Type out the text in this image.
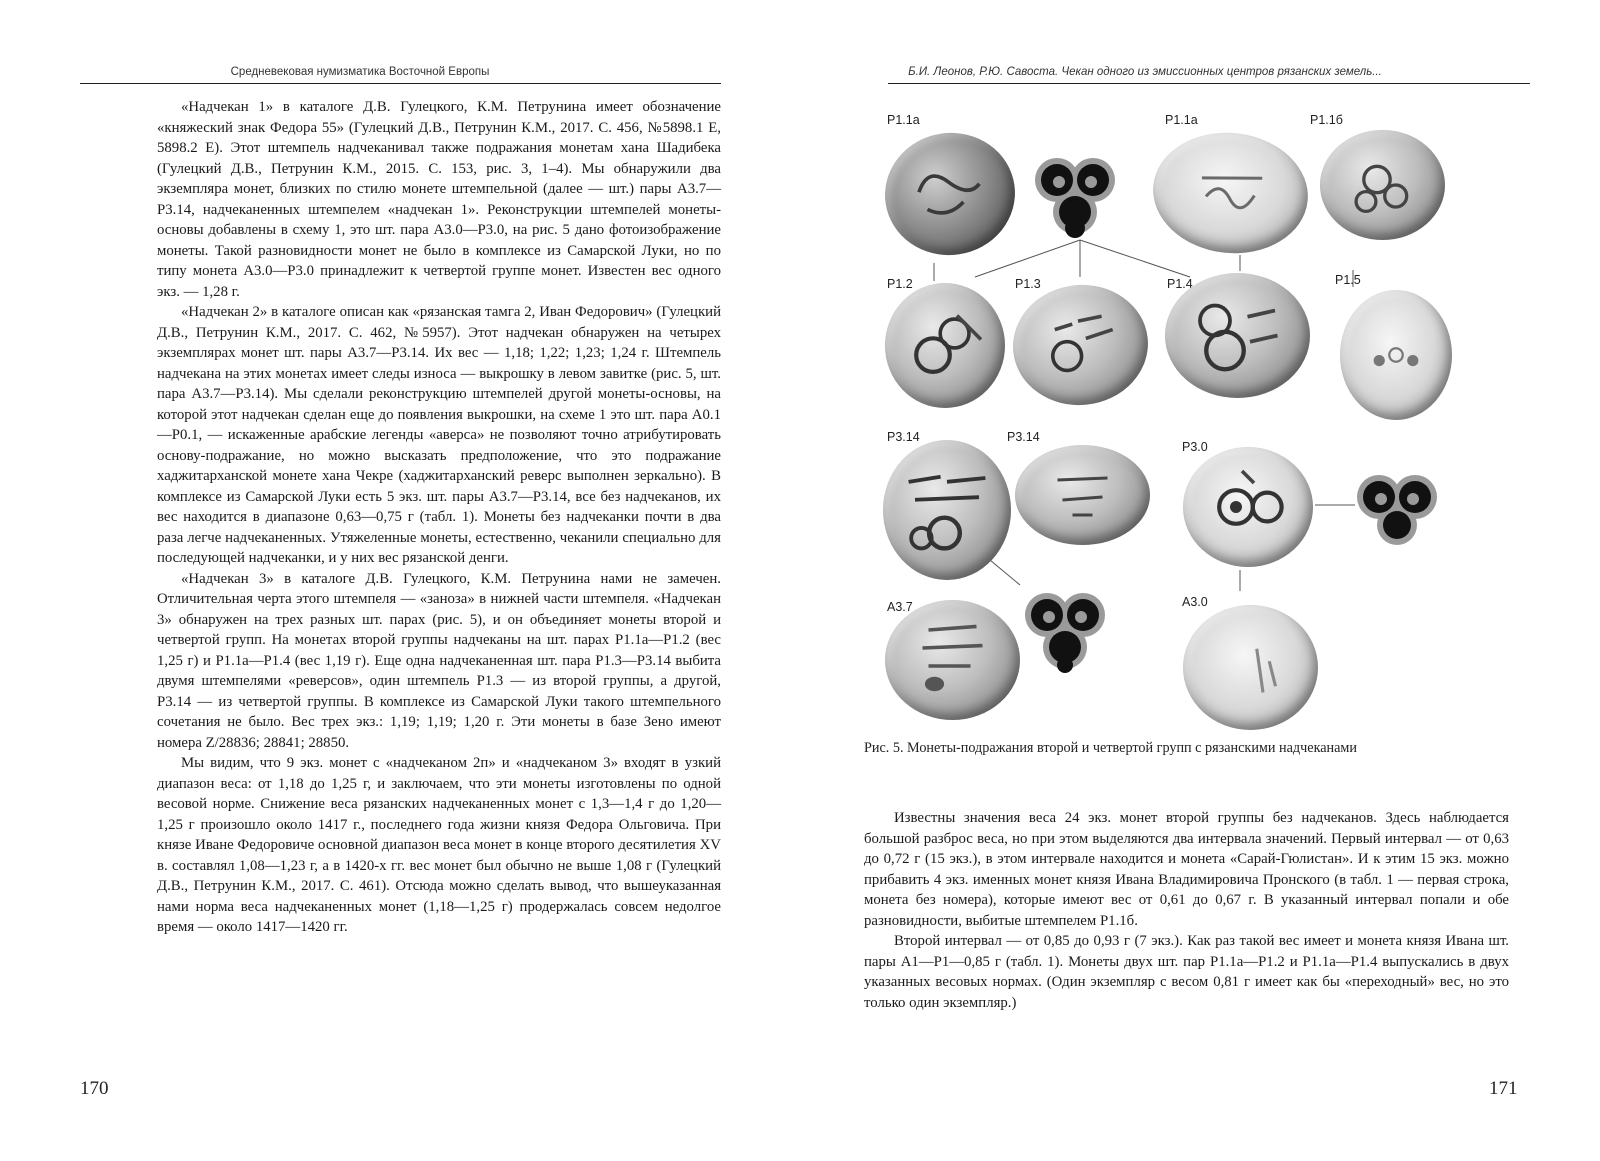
Средневековая нумизматика Восточной Европы

«Надчекан 1» в каталоге Д.В. Гулецкого, К.М. Петрунина имеет обозначение «княжеский знак Федора 55» (Гулецкий Д.В., Петрунин К.М., 2017. С. 456, №5898.1 E, 5898.2 E). Этот штемпель надчеканивал также подражания монетам хана Шадибека (Гулецкий Д.В., Петрунин К.М., 2015. С. 153, рис. 3, 1–4). Мы обнаружили два экземпляра монет, близких по стилю монете штемпельной (далее — шт.) пары А3.7—Р3.14, надчеканенных штемпелем «надчекан 1». Реконструкции штемпелей монеты-основы добавлены в схему 1, это шт. пара А3.0—Р3.0, на рис. 5 дано фотоизображение монеты. Такой разновидности монет не было в комплексе из Самарской Луки, но по типу монета А3.0—Р3.0 принадлежит к четвертой группе монет. Известен вес одного экз. — 1,28 г.

«Надчекан 2» в каталоге описан как «рязанская тамга 2, Иван Федорович» (Гулецкий Д.В., Петрунин К.М., 2017. С. 462, №5957). Этот надчекан обнаружен на четырех экземплярах монет шт. пары А3.7—Р3.14. Их вес — 1,18; 1,22; 1,23; 1,24 г. Штемпель надчекана на этих монетах имеет следы износа — выкрошку в левом завитке (рис. 5, шт. пара А3.7—Р3.14). Мы сделали реконструкцию штемпелей другой монеты-основы, на которой этот надчекан сделан еще до появления выкрошки, на схеме 1 это шт. пара А0.1—Р0.1, — искаженные арабские легенды «аверса» не позволяют точно атрибутировать основу-подражание, но можно высказать предположение, что это подражание хаджитарханской монете хана Чекре (хаджитарханский реверс выполнен зеркально). В комплексе из Самарской Луки есть 5 экз. шт. пары А3.7—Р3.14, все без надчеканов, их вес находится в диапазоне 0,63—0,75 г (табл. 1). Монеты без надчеканки почти в два раза легче надчеканенных. Утяжеленные монеты, естественно, чеканили специально для последующей надчеканки, и у них вес рязанской денги.

«Надчекан 3» в каталоге Д.В. Гулецкого, К.М. Петрунина нами не замечен. Отличительная черта этого штемпеля — «заноза» в нижней части штемпеля. «Надчекан 3» обнаружен на трех разных шт. парах (рис. 5), и он объединяет монеты второй и четвертой групп. На монетах второй группы надчеканы на шт. парах Р1.1а—Р1.2 (вес 1,25 г) и Р1.1а—Р1.4 (вес 1,19 г). Еще одна надчеканенная шт. пара Р1.3—Р3.14 выбита двумя штемпелями «реверсов», один штемпель Р1.3 — из второй группы, а другой, Р3.14 — из четвертой группы. В комплексе из Самарской Луки такого штемпельного сочетания не было. Вес трех экз.: 1,19; 1,19; 1,20 г. Эти монеты в базе Зено имеют номера Z/28836; 28841; 28850.

Мы видим, что 9 экз. монет с «надчеканом 2п» и «надчеканом 3» входят в узкий диапазон веса: от 1,18 до 1,25 г, и заключаем, что эти монеты изготовлены по одной весовой норме. Снижение веса рязанских надчеканенных монет с 1,3—1,4 г до 1,20—1,25 г произошло около 1417 г., последнего года жизни князя Федора Ольговича. При князе Иване Федоровиче основной диапазон веса монет в конце второго десятилетия XV в. составлял 1,08—1,23 г, а в 1420-х гг. вес монет был обычно не выше 1,08 г (Гулецкий Д.В., Петрунин К.М., 2017. С. 461). Отсюда можно сделать вывод, что вышеуказанная нами норма веса надчеканенных монет (1,18—1,25 г) продержалась совсем недолгое время — около 1417—1420 гг.

170
Б.И. Леонов, Р.Ю. Савоста. Чекан одного из эмиссионных центров рязанских земель...
Р1.1а	Р1.1а	Р1.1б
Р1.2	Р1.3	Р1.4	Р1.5
Р3.14	Р3.14
Р3.0
А3.7	А3.0
Рис. 5. Монеты-подражания второй и четвертой групп с рязанскими надчеканами

Известны значения веса 24 экз. монет второй группы без надчеканов. Здесь наблюдается большой разброс веса, но при этом выделяются два интервала значений. Первый интервал — от 0,63 до 0,72 г (15 экз.), в этом интервале находится и монета «Сарай-Гюлистан». И к этим 15 экз. можно прибавить 4 экз. именных монет князя Ивана Владимировича Пронского (в табл. 1 — первая строка, монета без номера), которые имеют вес от 0,61 до 0,67 г. В указанный интервал попали и обе разновидности, выбитые штемпелем Р1.1б.

Второй интервал — от 0,85 до 0,93 г (7 экз.). Как раз такой вес имеет и монета князя Ивана шт. пары А1—Р1—0,85 г (табл. 1). Монеты двух шт. пар Р1.1а—Р1.2 и Р1.1а—Р1.4 выпускались в двух указанных весовых нормах. (Один экземпляр с весом 0,81 г имеет как бы «переходный» вес, но это только один экземпляр.)

171
